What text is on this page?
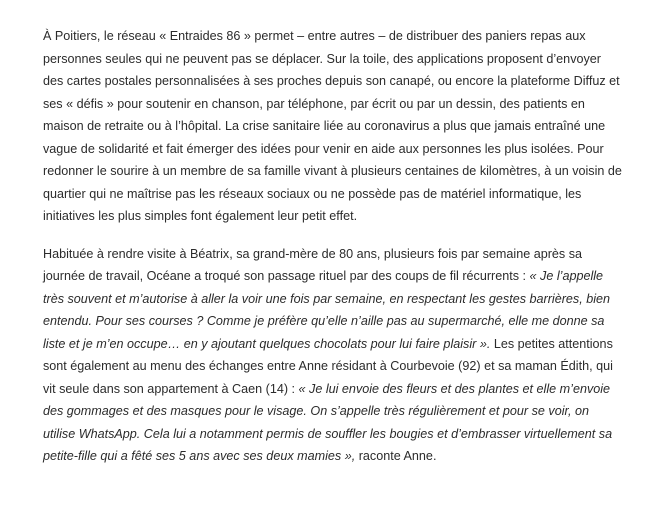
À Poitiers, le réseau « Entraides 86 » permet – entre autres – de distribuer des paniers repas aux personnes seules qui ne peuvent pas se déplacer. Sur la toile, des applications proposent d’envoyer des cartes postales personnalisées à ses proches depuis son canapé, ou encore la plateforme Diffuz et ses « défis » pour soutenir en chanson, par téléphone, par écrit ou par un dessin, des patients en maison de retraite ou à l’hôpital. La crise sanitaire liée au coronavirus a plus que jamais entraîné une vague de solidarité et fait émerger des idées pour venir en aide aux personnes les plus isolées. Pour redonner le sourire à un membre de sa famille vivant à plusieurs centaines de kilomètres, à un voisin de quartier qui ne maîtrise pas les réseaux sociaux ou ne possède pas de matériel informatique, les initiatives les plus simples font également leur petit effet.

Habituée à rendre visite à Béatrix, sa grand-mère de 80 ans, plusieurs fois par semaine après sa journée de travail, Océane a troqué son passage rituel par des coups de fil récurrents : « Je l’appelle très souvent et m’autorise à aller la voir une fois par semaine, en respectant les gestes barrières, bien entendu. Pour ses courses ? Comme je préfère qu’elle n’aille pas au supermarché, elle me donne sa liste et je m’en occupe… en y ajoutant quelques chocolats pour lui faire plaisir ». Les petites attentions sont également au menu des échanges entre Anne résidant à Courbevoie (92) et sa maman Édith, qui vit seule dans son appartement à Caen (14) : « Je lui envoie des fleurs et des plantes et elle m’envoie des gommages et des masques pour le visage. On s’appelle très régulièrement et pour se voir, on utilise WhatsApp. Cela lui a notamment permis de souffler les bougies et d’embrasser virtuellement sa petite-fille qui a fêté ses 5 ans avec ses deux mamies », raconte Anne.
